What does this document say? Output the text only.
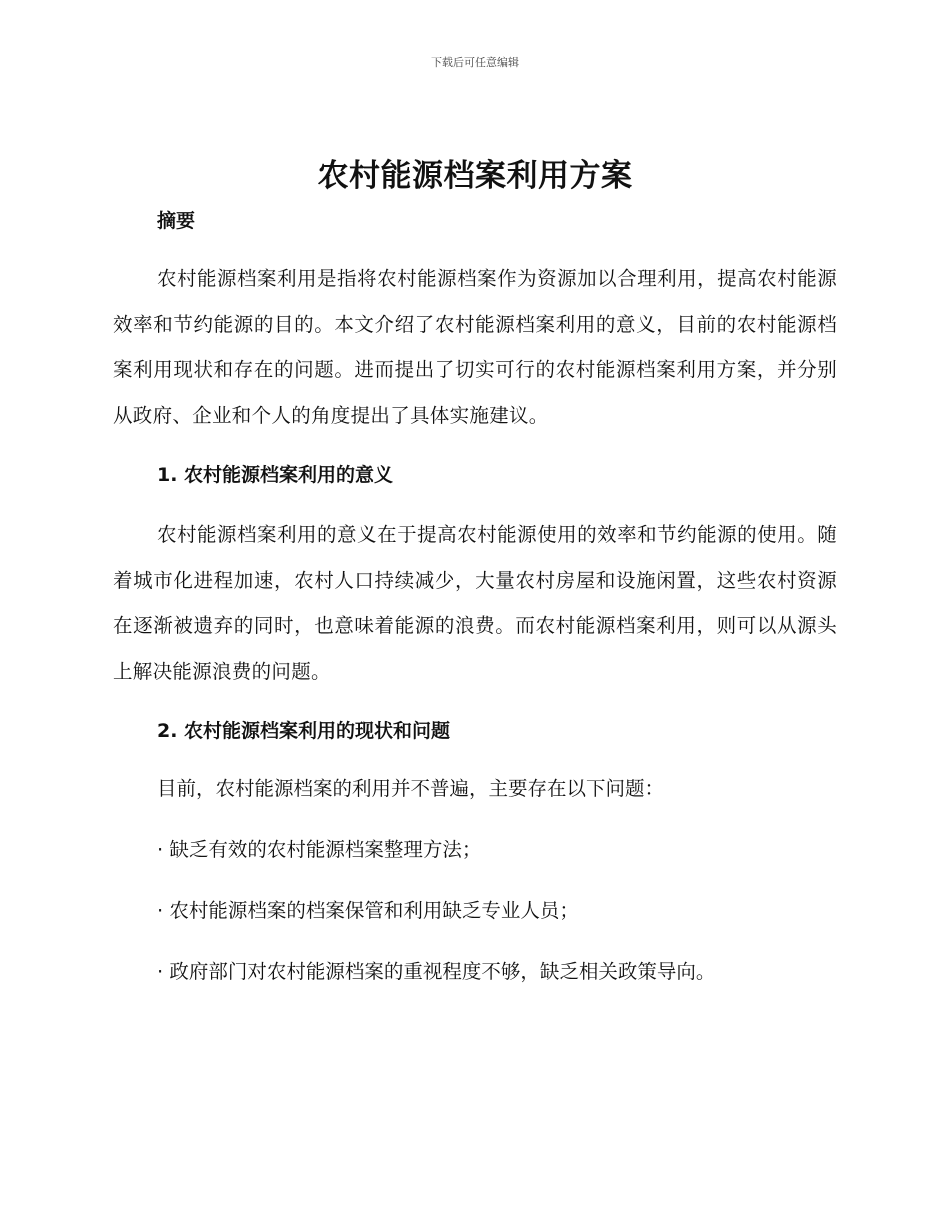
下载后可任意编辑
农村能源档案利用方案

摘要

农村能源档案利用是指将农村能源档案作为资源加以合理利用，提高农村能源效率和节约能源的目的。本文介绍了农村能源档案利用的意义，目前的农村能源档案利用现状和存在的问题。进而提出了切实可行的农村能源档案利用方案，并分别从政府、企业和个人的角度提出了具体实施建议。

1. 农村能源档案利用的意义

农村能源档案利用的意义在于提高农村能源使用的效率和节约能源的使用。随着城市化进程加速，农村人口持续减少，大量农村房屋和设施闲置，这些农村资源在逐渐被遗弃的同时，也意味着能源的浪费。而农村能源档案利用，则可以从源头上解决能源浪费的问题。

2. 农村能源档案利用的现状和问题

目前，农村能源档案的利用并不普遍，主要存在以下问题：

· 缺乏有效的农村能源档案整理方法；

· 农村能源档案的档案保管和利用缺乏专业人员；

· 政府部门对农村能源档案的重视程度不够，缺乏相关政策导向。
